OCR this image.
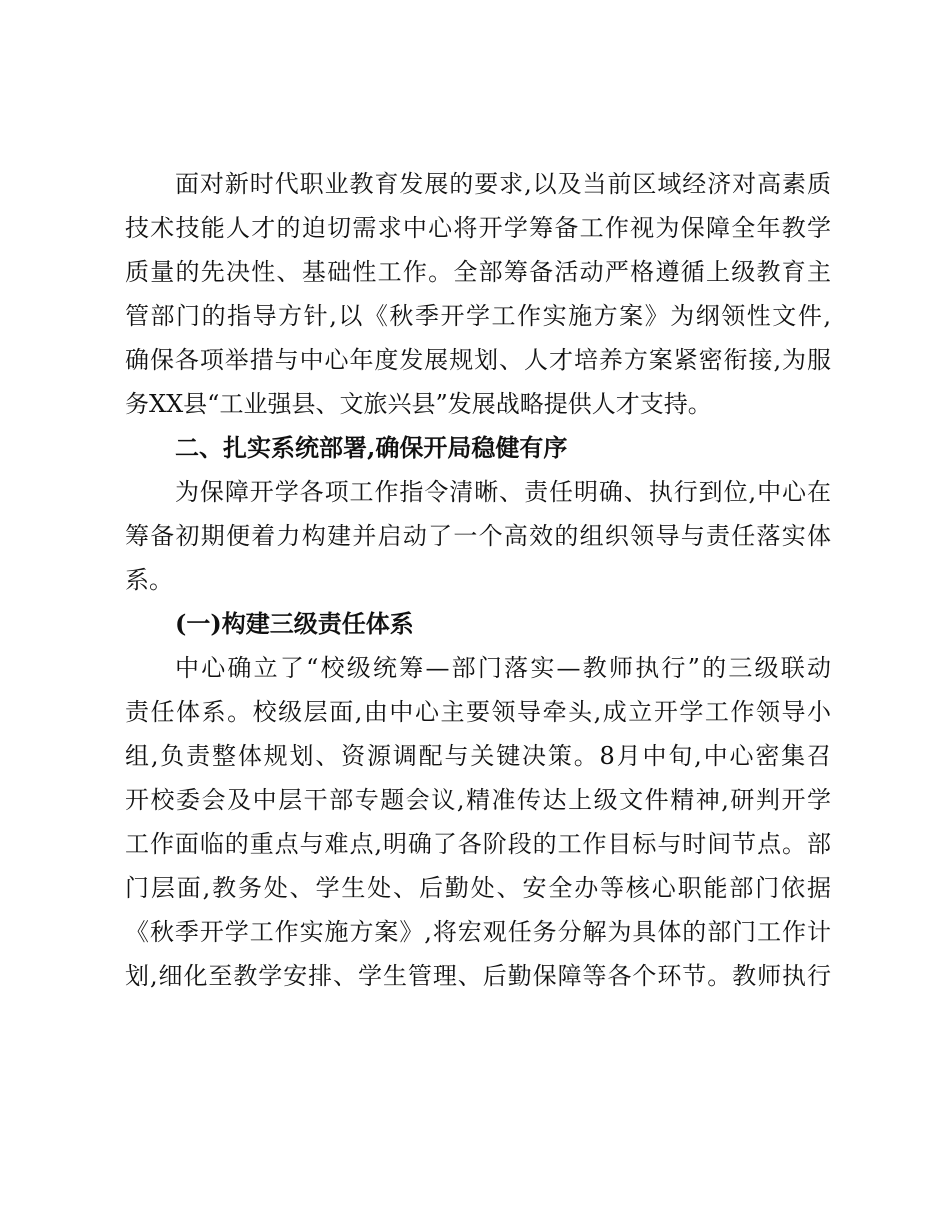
面对新时代职业教育发展的要求,以及当前区域经济对高素质
技术技能人才的迫切需求中心将开学筹备工作视为保障全年教学
质量的先决性、基础性工作。全部筹备活动严格遵循上级教育主
管部门的指导方针,以《秋季开学工作实施方案》为纲领性文件,
确保各项举措与中心年度发展规划、人才培养方案紧密衔接,为服
务XX县“工业强县、文旅兴县”发展战略提供人才支持。
二、扎实系统部署,确保开局稳健有序
为保障开学各项工作指令清晰、责任明确、执行到位,中心在
筹备初期便着力构建并启动了一个高效的组织领导与责任落实体
系。
(一)构建三级责任体系
中心确立了“校级统筹—部门落实—教师执行”的三级联动
责任体系。校级层面,由中心主要领导牵头,成立开学工作领导小
组,负责整体规划、资源调配与关键决策。8月中旬,中心密集召
开校委会及中层干部专题会议,精准传达上级文件精神,研判开学
工作面临的重点与难点,明确了各阶段的工作目标与时间节点。部
门层面,教务处、学生处、后勤处、安全办等核心职能部门依据
《秋季开学工作实施方案》,将宏观任务分解为具体的部门工作计
划,细化至教学安排、学生管理、后勤保障等各个环节。教师执行
